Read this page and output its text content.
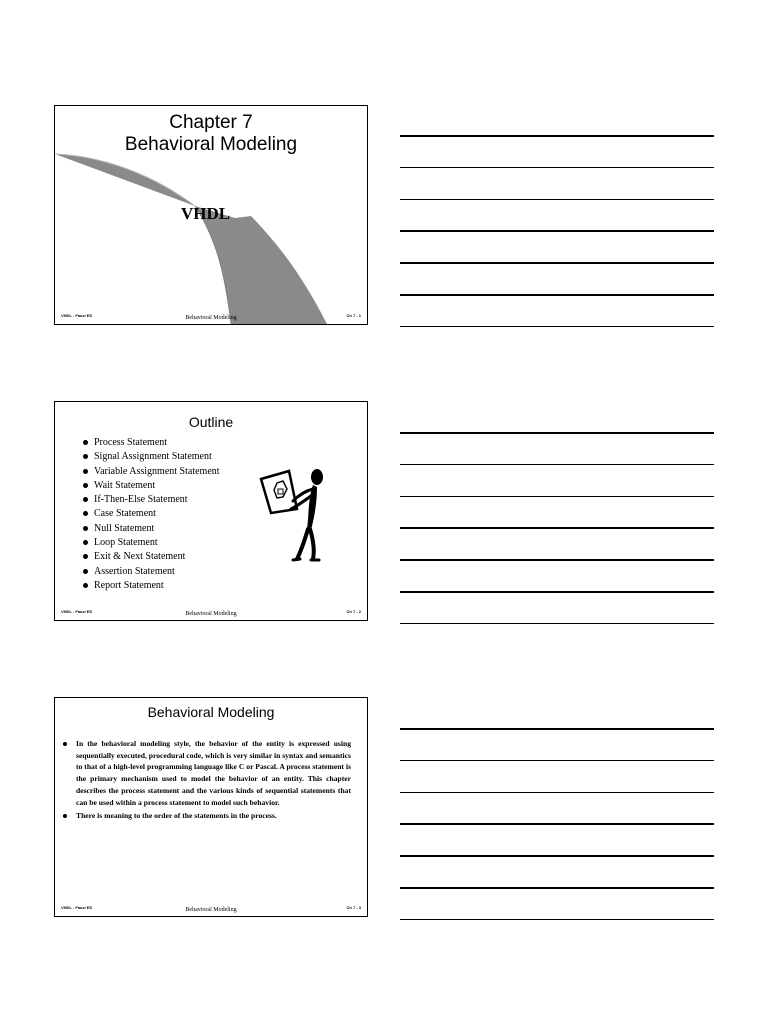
Chapter 7
Behavioral Modeling
VHDL
VHDL - Fauzi ES	Behavioral Modeling	Ch 7 - 1
Outline
Process Statement
Signal Assignment Statement
Variable Assignment Statement
Wait Statement
If-Then-Else Statement
Case Statement
Null Statement
Loop Statement
Exit & Next Statement
Assertion Statement
Report Statement
VHDL - Fauzi ES	Behavioral Modeling	Ch 7 - 2
Behavioral Modeling
In the behavioral modeling style, the behavior of the entity is expressed using sequentially executed, procedural code, which is very similar in syntax and semantics to that of a high-level programming language like C or Pascal. A process statement is the primary mechanism used to model the behavior of an entity. This chapter describes the process statement and the various kinds of sequential statements that can be used within a process statement to model such behavior.
There is meaning to the order of the statements in the process.
VHDL - Fauzi ES	Behavioral Modeling	Ch 7 - 3
